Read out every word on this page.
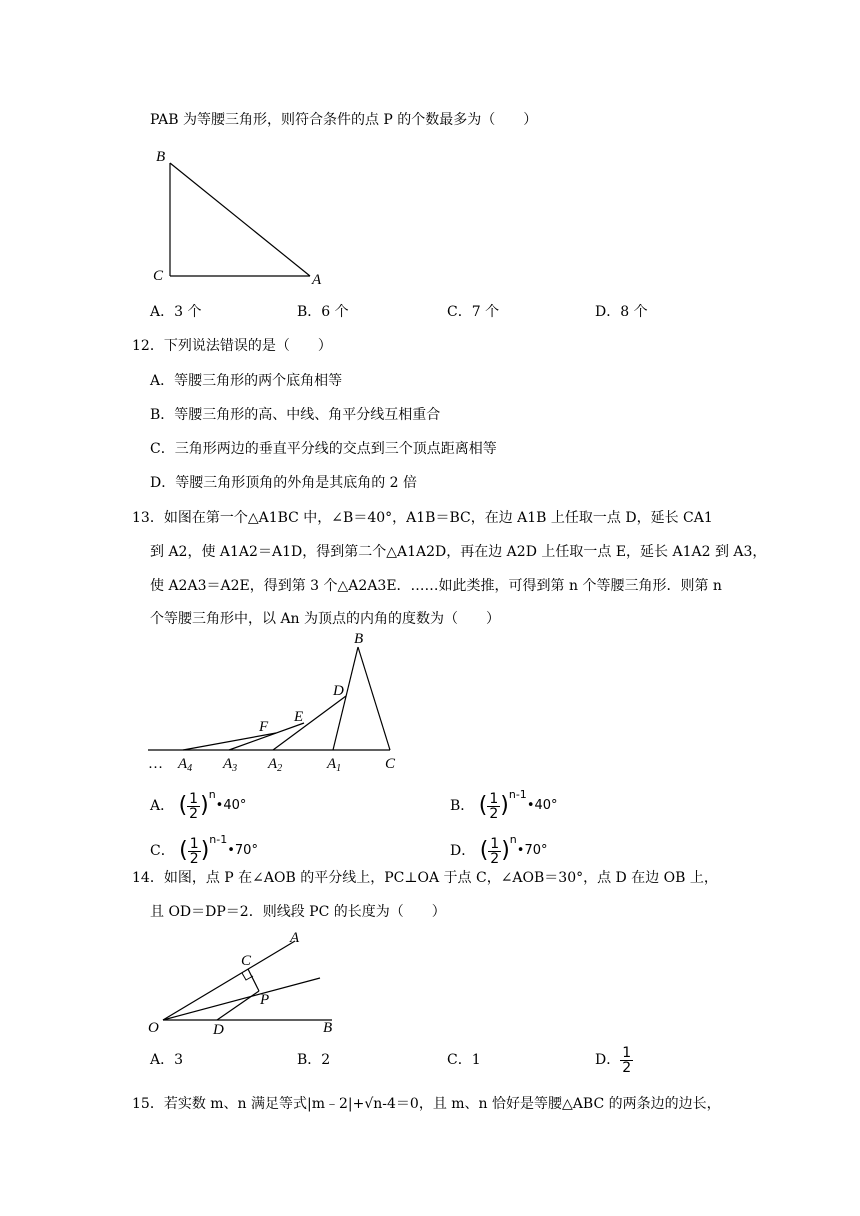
PAB 为等腰三角形，则符合条件的点 P 的个数最多为（　　）
B
C	A
A．3 个	B．6 个	C．7 个	D．8 个
12．下列说法错误的是（　　）
A．等腰三角形的两个底角相等
B．等腰三角形的高、中线、角平分线互相重合
C．三角形两边的垂直平分线的交点到三个顶点距离相等
D．等腰三角形顶角的外角是其底角的 2 倍
13．如图在第一个△A1BC 中，∠B＝40°，A1B＝BC，在边 A1B 上任取一点 D，延长 CA1
到 A2，使 A1A2＝A1D，得到第二个△A1A2D，再在边 A2D 上任取一点 E，延长 A1A2 到 A3，
使 A2A3＝A2E，得到第 3 个△A2A3E．……如此类推，可得到第 n 个等腰三角形．则第 n
个等腰三角形中，以 An 为顶点的内角的度数为（　　）
B
D
E
F
… $A_4$ $A_3$ $A_2$	$A_1$	C
A． ( $\frac{1}{2}$ )$^n$•40°	B． ( $\frac{1}{2}$ )$^{n-1}$•40°
C． ( $\frac{1}{2}$ )$^{n-1}$•70°	D． ( $\frac{1}{2}$ )$^n$•70°
14．如图，点 P 在∠AOB 的平分线上，PC⊥OA 于点 C，∠AOB＝30°，点 D 在边 OB 上，
且 OD＝DP＝2．则线段 PC 的长度为（　　）
A
C
P
O	D	B
A．3	B．2	C．1	D． $\frac{1}{2}$
15．若实数 m、n 满足等式|m﹣2|+√n-4＝0，且 m、n 恰好是等腰△ABC 的两条边的边长，
